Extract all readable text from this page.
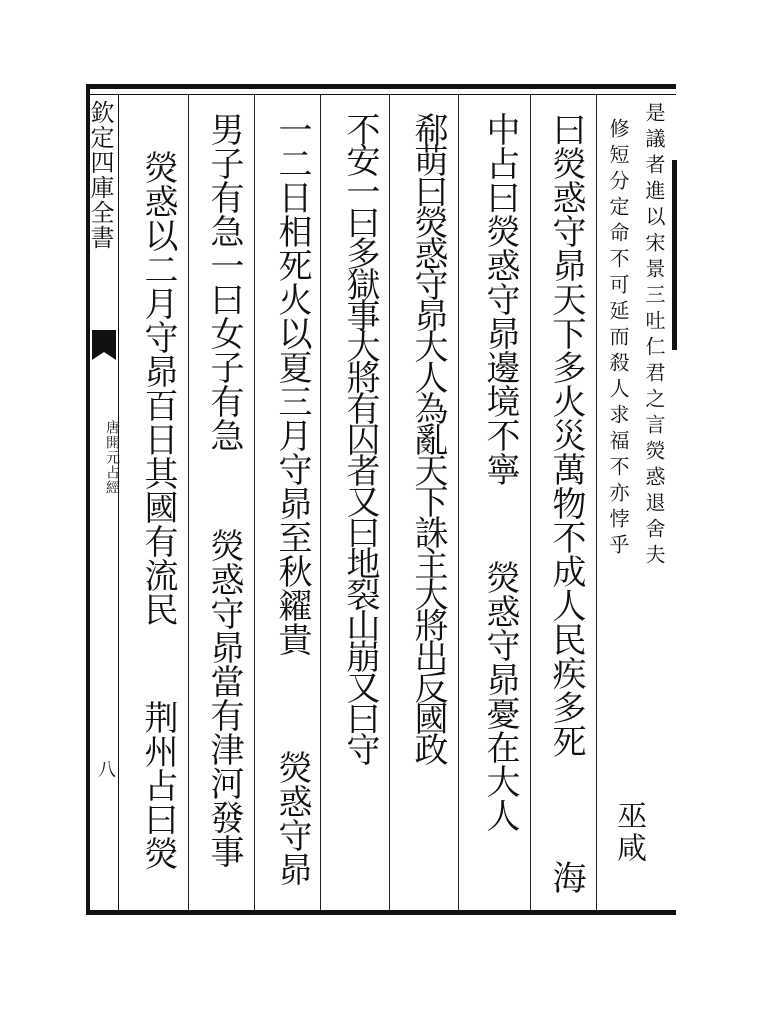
欽定四庫全書
唐開元占經
八
是議者進以宋景三吐仁君之言熒惑退舍夫
修短分定命不可延而殺人求福不亦悖乎
巫咸
曰熒惑守昴天下多火災萬物不成人民疾多死
海
中占曰熒惑守昴邊境不寧
熒惑守昴憂在大人
郗萌曰熒惑守昴大人為亂天下誅主大將出反國政
不安一曰多獄事大將有囚者又曰地裂山崩又曰守
一二日相死火以夏三月守昴至秋糴貴
熒惑守昴
男子有急一曰女子有急
熒惑守昴當有津河發事
熒惑以二月守昴百日其國有流民
荆州占曰熒
